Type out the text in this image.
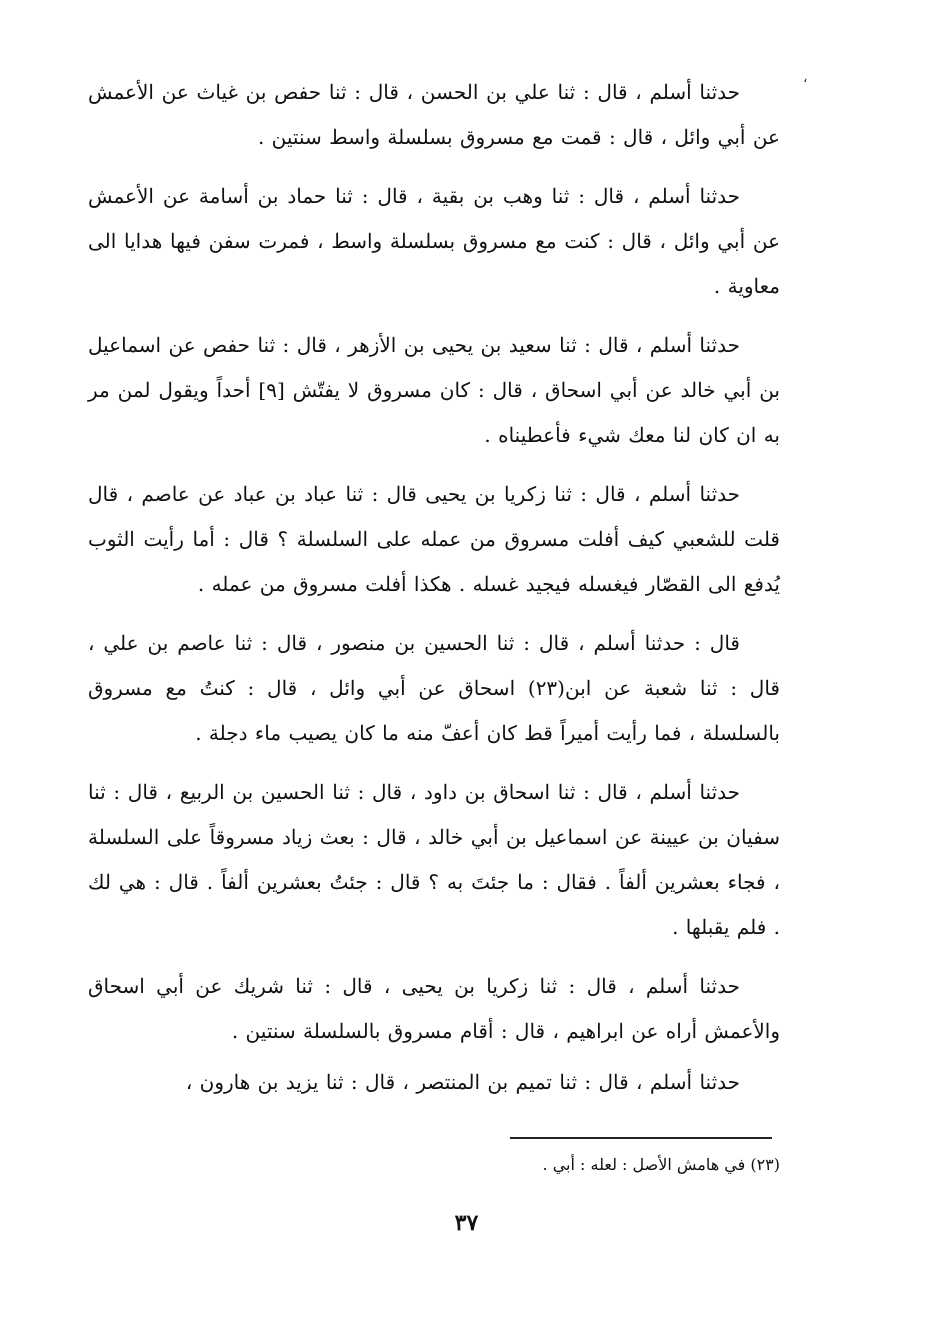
،

حدثنا أسلم ، قال : ثنا علي بن الحسن ، قال : ثنا حفص بن غياث عن الأعمش عن أبي وائل ، قال : قمت مع مسروق بسلسلة واسط سنتين .

حدثنا أسلم ، قال : ثنا وهب بن بقية ، قال : ثنا حماد بن أسامة عن الأعمش عن أبي وائل ، قال : كنت مع مسروق بسلسلة واسط ، فمرت سفن فيها هدايا الى معاوية .

حدثنا أسلم ، قال : ثنا سعيد بن يحيى بن الأزهر ، قال : ثنا حفص عن اسماعيل بن أبي خالد عن أبي اسحاق ، قال : كان مسروق لا يفتّش [٩] أحداً ويقول لمن مر به ان كان لنا معك شيء فأعطيناه .

حدثنا أسلم ، قال : ثنا زكريا بن يحيى قال : ثنا عباد بن عباد عن عاصم ، قال قلت للشعبي كيف أفلت مسروق من عمله على السلسلة ؟ قال : أما رأيت الثوب يُدفع الى القصّار فيغسله فيجيد غسله . هكذا أفلت مسروق من عمله .

قال : حدثنا أسلم ، قال : ثنا الحسين بن منصور ، قال : ثنا عاصم بن علي ، قال : ثنا شعبة عن ابن(٢٣) اسحاق عن أبي وائل ، قال : كنتُ مع مسروق بالسلسلة ، فما رأيت أميراً قط كان أعفّ منه ما كان يصيب ماء دجلة .

حدثنا أسلم ، قال : ثنا اسحاق بن داود ، قال : ثنا الحسين بن الربيع ، قال : ثنا سفيان بن عيينة عن اسماعيل بن أبي خالد ، قال : بعث زياد مسروقاً على السلسلة ، فجاء بعشرين ألفاً . فقال : ما جئتَ به ؟ قال : جئتُ بعشرين ألفاً . قال : هي لك . فلم يقبلها .

حدثنا أسلم ، قال : ثنا زكريا بن يحيى ، قال : ثنا شريك عن أبي اسحاق والأعمش أراه عن ابراهيم ، قال : أقام مسروق بالسلسلة سنتين .

حدثنا أسلم ، قال : ثنا تميم بن المنتصر ، قال : ثنا يزيد بن هارون ،

(٢٣) في هامش الأصل : لعله : أبي .
٣٧
